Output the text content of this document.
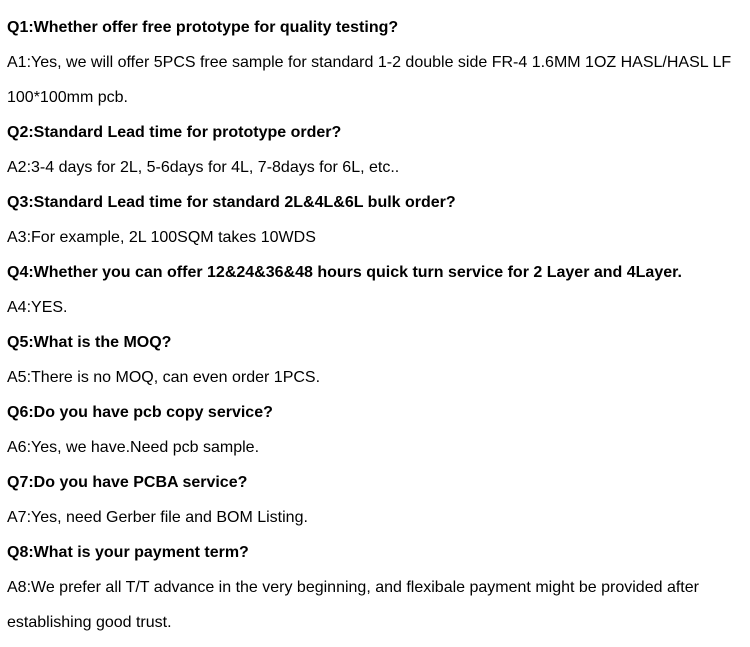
Q1:Whether offer free prototype for quality testing?

A1:Yes, we will offer 5PCS free sample for standard 1-2 double side FR-4 1.6MM 1OZ HASL/HASL LF 100*100mm pcb.

Q2:Standard Lead time for prototype order?

A2:3-4 days for 2L, 5-6days for 4L, 7-8days for 6L, etc..

Q3:Standard Lead time for standard 2L&4L&6L bulk order?

A3:For example, 2L 100SQM takes 10WDS

Q4:Whether you can offer 12&24&36&48 hours quick turn service for 2 Layer and 4Layer.

A4:YES.

Q5:What is the MOQ?

A5:There is no MOQ, can even order 1PCS.

Q6:Do you have pcb copy service?

A6:Yes, we have.Need pcb sample.

Q7:Do you have PCBA service?

A7:Yes, need Gerber file and BOM Listing.

Q8:What is your payment term?

A8:We prefer all T/T advance in the very beginning, and flexibale payment might be provided after establishing good trust.
